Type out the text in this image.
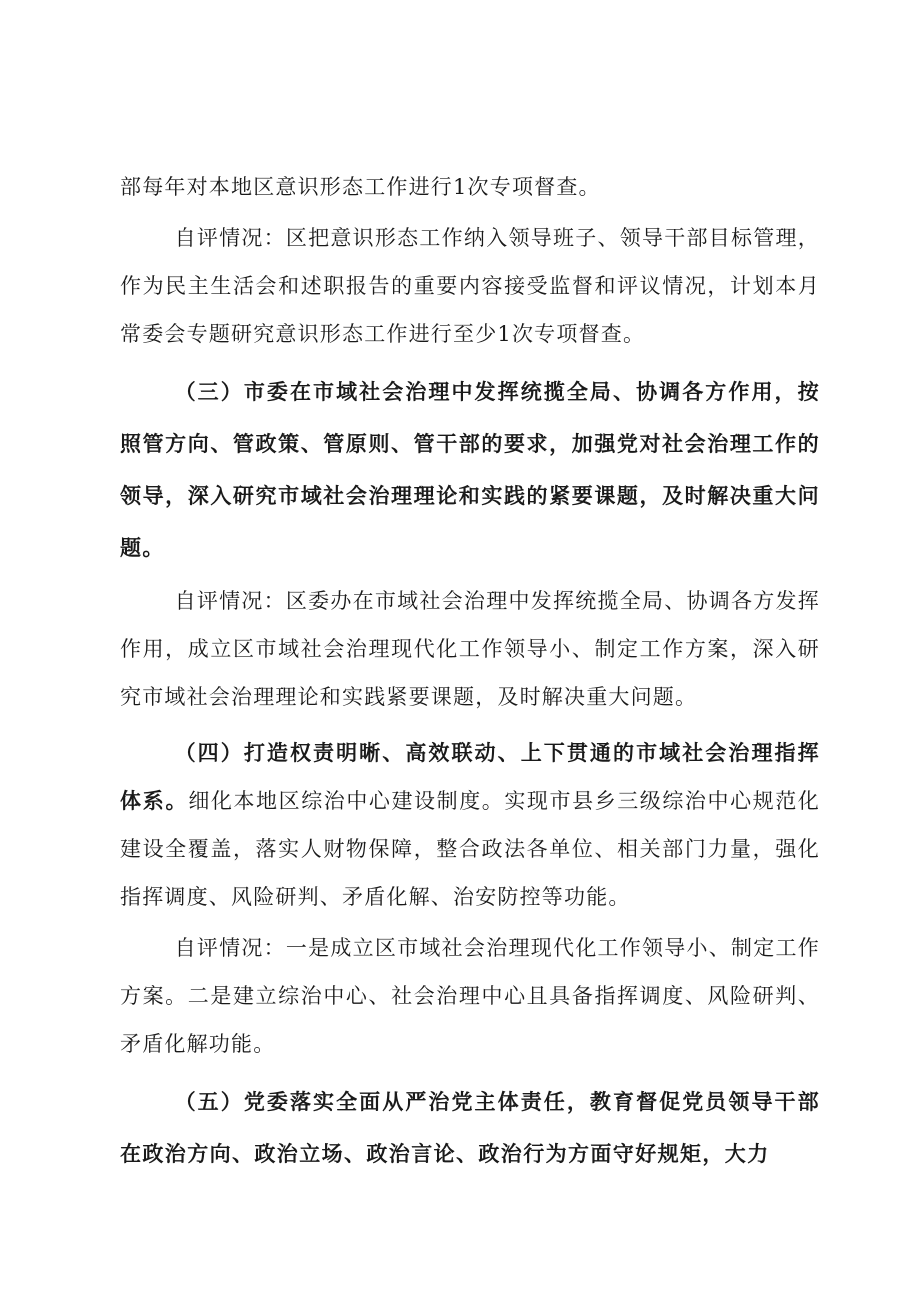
部每年对本地区意识形态工作进行1次专项督查。

自评情况：区把意识形态工作纳入领导班子、领导干部目标管理，作为民主生活会和述职报告的重要内容接受监督和评议情况，计划本月常委会专题研究意识形态工作进行至少1次专项督查。

（三）市委在市域社会治理中发挥统揽全局、协调各方作用，按照管方向、管政策、管原则、管干部的要求，加强党对社会治理工作的领导，深入研究市域社会治理理论和实践的紧要课题，及时解决重大问题。

自评情况：区委办在市域社会治理中发挥统揽全局、协调各方发挥作用，成立区市域社会治理现代化工作领导小、制定工作方案，深入研究市域社会治理理论和实践紧要课题，及时解决重大问题。

（四）打造权责明晰、高效联动、上下贯通的市域社会治理指挥体系。细化本地区综治中心建设制度。实现市县乡三级综治中心规范化建设全覆盖，落实人财物保障，整合政法各单位、相关部门力量，强化指挥调度、风险研判、矛盾化解、治安防控等功能。

自评情况：一是成立区市域社会治理现代化工作领导小、制定工作方案。二是建立综治中心、社会治理中心且具备指挥调度、风险研判、矛盾化解功能。

（五）党委落实全面从严治党主体责任，教育督促党员领导干部在政治方向、政治立场、政治言论、政治行为方面守好规矩，大力
